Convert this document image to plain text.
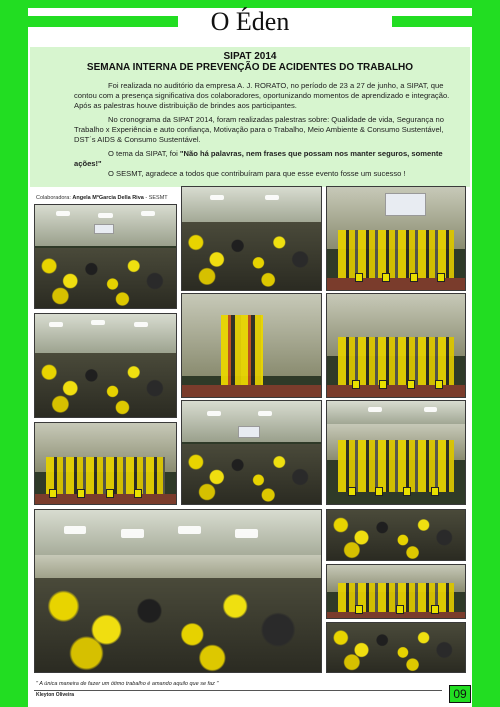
O Éden
SIPAT 2014
SEMANA INTERNA DE PREVENÇÃO DE ACIDENTES DO TRABALHO

Foi realizada no auditório da empresa A. J. RORATO, no período de 23 a 27 de junho, a SIPAT, que contou com a presença significativa dos colaboradores, oportunizando momentos de aprendizado e integração. Após as palestras houve distribuição de brindes aos participantes.

No cronograma da SIPAT 2014, foram realizadas palestras sobre: Qualidade de vida, Segurança no Trabalho x Experiência e auto confiança, Motivação para o Trabalho, Meio Ambiente & Consumo Sustentável, DST´s AIDS & Consumo Sustentável.

O tema da SIPAT, foi "Não há palavras, nem frases que possam nos manter seguros, somente ações!"

O SESMT, agradece a todos que contribuíram para que esse evento fosse um sucesso !

Colaboradora: Angela MªGarcia Della Riva - SESMT
" A única maneira de fazer um ótimo trabalho é amando aquilo que se faz "
Kleyton Oliveira	09
